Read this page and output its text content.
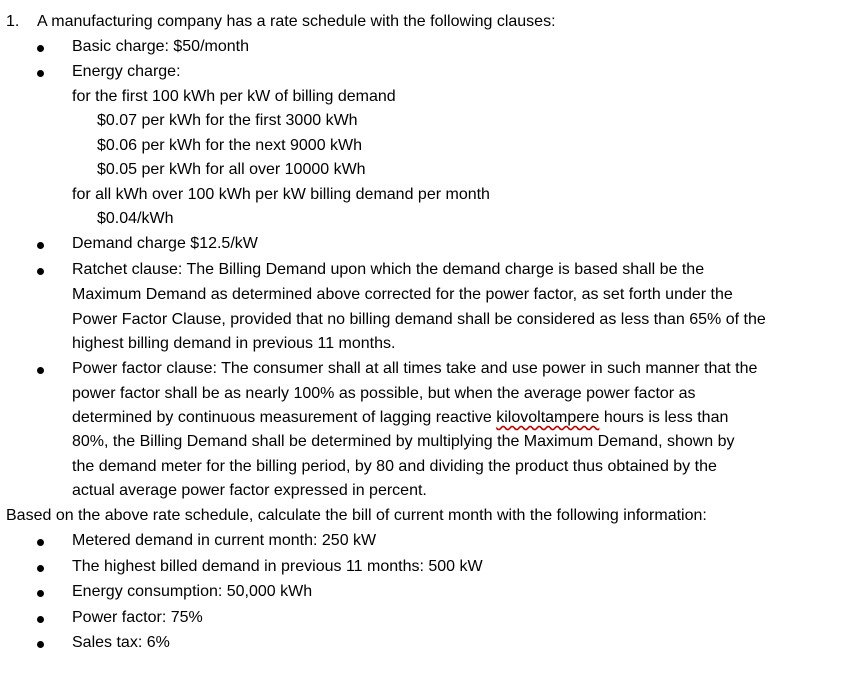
1. A manufacturing company has a rate schedule with the following clauses:
Basic charge: $50/month
Energy charge:
for the first 100 kWh per kW of billing demand
$0.07 per kWh for the first 3000 kWh
$0.06 per kWh for the next 9000 kWh
$0.05 per kWh for all over 10000 kWh
for all kWh over 100 kWh per kW billing demand per month
$0.04/kWh
Demand charge $12.5/kW
Ratchet clause: The Billing Demand upon which the demand charge is based shall be the
Maximum Demand as determined above corrected for the power factor, as set forth under the
Power Factor Clause, provided that no billing demand shall be considered as less than 65% of the
highest billing demand in previous 11 months.
Power factor clause: The consumer shall at all times take and use power in such manner that the
power factor shall be as nearly 100% as possible, but when the average power factor as
determined by continuous measurement of lagging reactive kilovoltampere hours is less than
80%, the Billing Demand shall be determined by multiplying the Maximum Demand, shown by
the demand meter for the billing period, by 80 and dividing the product thus obtained by the
actual average power factor expressed in percent.
Based on the above rate schedule, calculate the bill of current month with the following information:
Metered demand in current month: 250 kW
The highest billed demand in previous 11 months: 500 kW
Energy consumption: 50,000 kWh
Power factor: 75%
Sales tax: 6%
